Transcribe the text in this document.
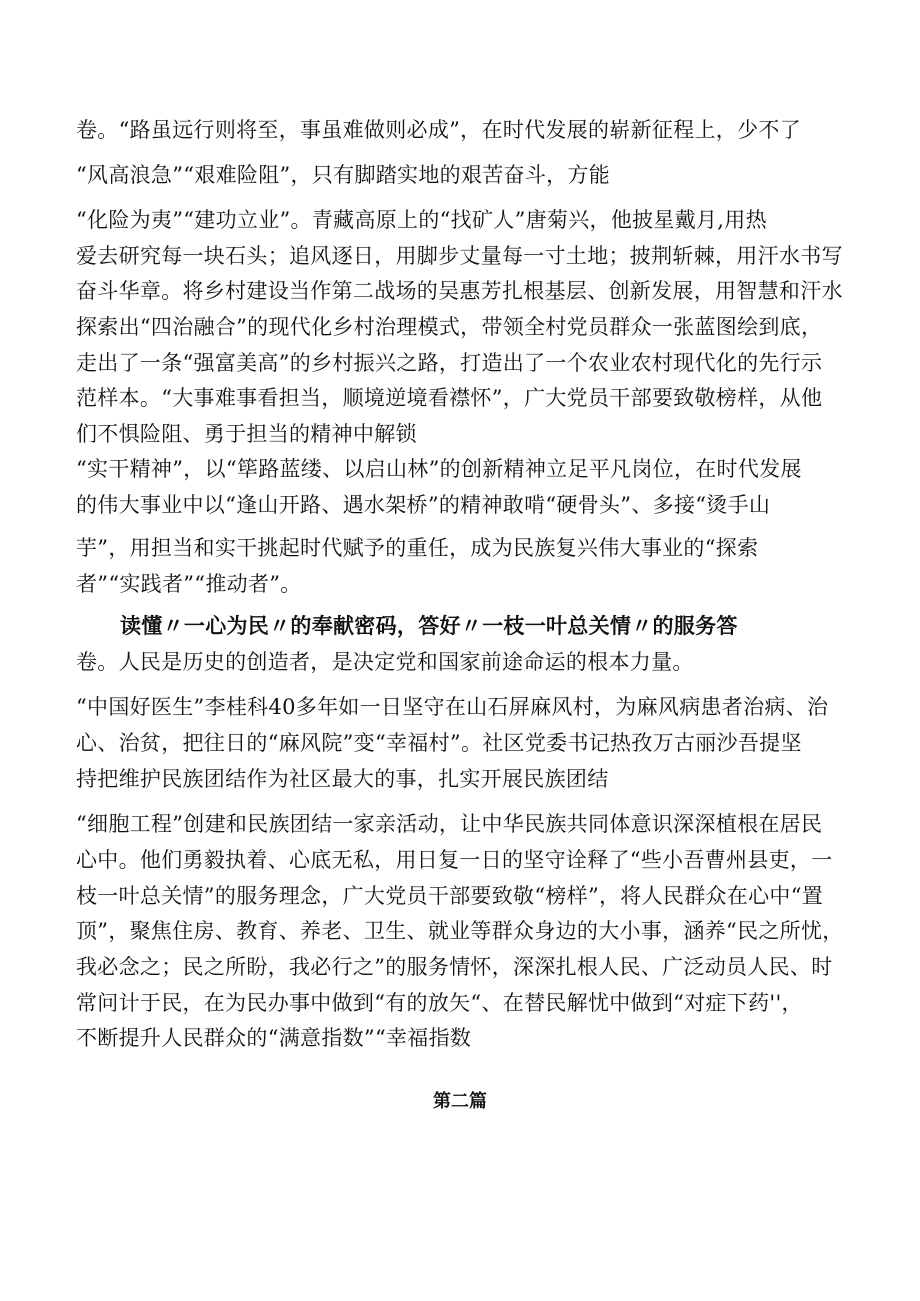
卷。“路虽远行则将至，事虽难做则必成”，在时代发展的崭新征程上，少不了
“风高浪急”“艰难险阻”，只有脚踏实地的艰苦奋斗，方能
“化险为夷”“建功立业”。青藏高原上的“找矿人”唐菊兴，他披星戴月,用热
爱去研究每一块石头；追风逐日，用脚步丈量每一寸土地；披荆斩棘，用汗水书写
奋斗华章。将乡村建设当作第二战场的吴惠芳扎根基层、创新发展，用智慧和汗水
探索出“四治融合”的现代化乡村治理模式，带领全村党员群众一张蓝图绘到底，
走出了一条“强富美高”的乡村振兴之路，打造出了一个农业农村现代化的先行示
范样本。“大事难事看担当，顺境逆境看襟怀”，广大党员干部要致敬榜样，从他
们不惧险阻、勇于担当的精神中解锁
“实干精神”，以“筚路蓝缕、以启山林”的创新精神立足平凡岗位，在时代发展
的伟大事业中以“逢山开路、遇水架桥”的精神敢啃“硬骨头”、多接“烫手山
芋”，用担当和实干挑起时代赋予的重任，成为民族复兴伟大事业的“探索
者”“实践者”“推动者”。
读懂〃一心为民〃的奉献密码，答好〃一枝一叶总关情〃的服务答
卷。人民是历史的创造者，是决定党和国家前途命运的根本力量。
“中国好医生”李桂科40多年如一日坚守在山石屏麻风村，为麻风病患者治病、治
心、治贫，把往日的“麻风院”变“幸福村”。社区党委书记热孜万古丽沙吾提坚
持把维护民族团结作为社区最大的事，扎实开展民族团结
“细胞工程”创建和民族团结一家亲活动，让中华民族共同体意识深深植根在居民
心中。他们勇毅执着、心底无私，用日复一日的坚守诠释了“些小吾曹州县吏，一
枝一叶总关情”的服务理念，广大党员干部要致敬“榜样”，将人民群众在心中“置
顶”，聚焦住房、教育、养老、卫生、就业等群众身边的大小事，涵养“民之所忧，
我必念之；民之所盼，我必行之”的服务情怀，深深扎根人民、广泛动员人民、时
常问计于民，在为民办事中做到“有的放矢“、在替民解忧中做到“对症下药''，
不断提升人民群众的“满意指数”“幸福指数
第二篇
